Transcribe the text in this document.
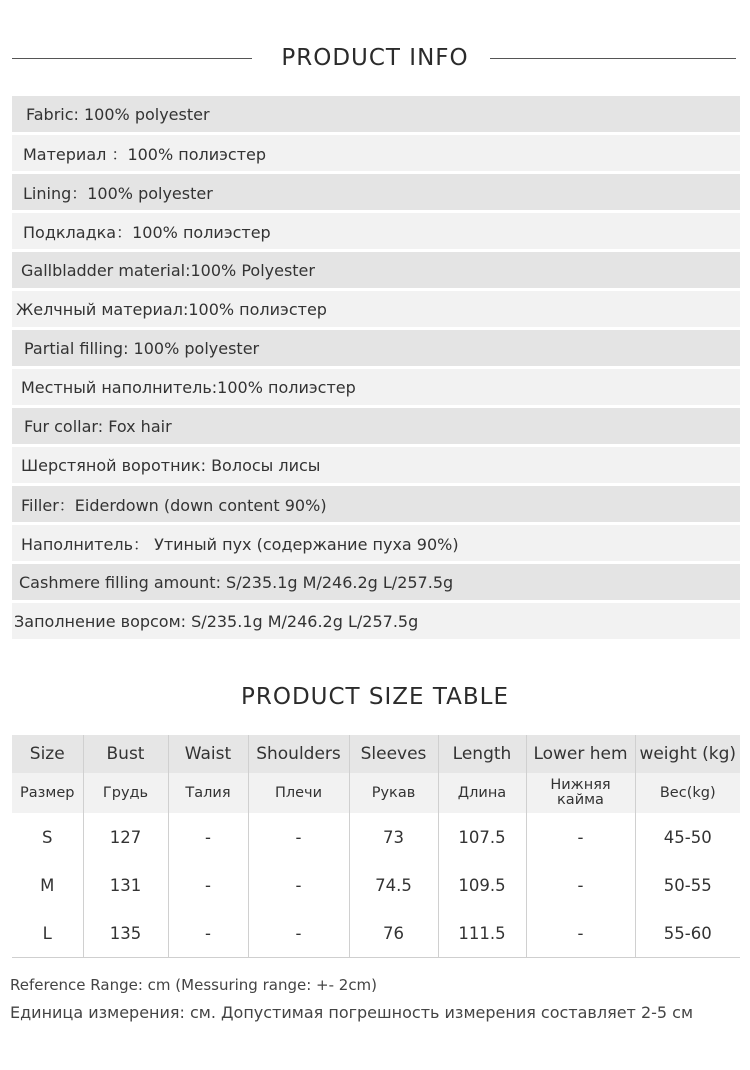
PRODUCT INFO
Fabric: 100% polyester
Материал ：100% полиэстер
Lining：100% polyester
Подкладка：100% полиэстер
Gallbladder material:100% Polyester
Желчный материал:100% полиэстер
Partial filling: 100% polyester
Местный наполнитель:100% полиэстер
Fur collar: Fox hair
Шерстяной воротник: Волосы лисы
Filler：Eiderdown (down content 90%)
Наполнитель： Утиный пух (содержание пуха 90%)
Cashmere filling amount: S/235.1g M/246.2g L/257.5g
Заполнение ворсом: S/235.1g M/246.2g L/257.5g
PRODUCT SIZE TABLE
Size	Bust	Waist	Shoulders	Sleeves	Length	Lower hem	weight (kg)
Размер	Грудь	Талия	Плечи	Рукав	Длина	Нижняя кайма	Вес(kg)
S	127	-	-	73	107.5	-	45-50
M	131	-	-	74.5	109.5	-	50-55
L	135	-	-	76	111.5	-	55-60
Reference Range: cm (Messuring range: +- 2cm)
Единица измерения: см. Допустимая погрешность измерения составляет 2-5 см
